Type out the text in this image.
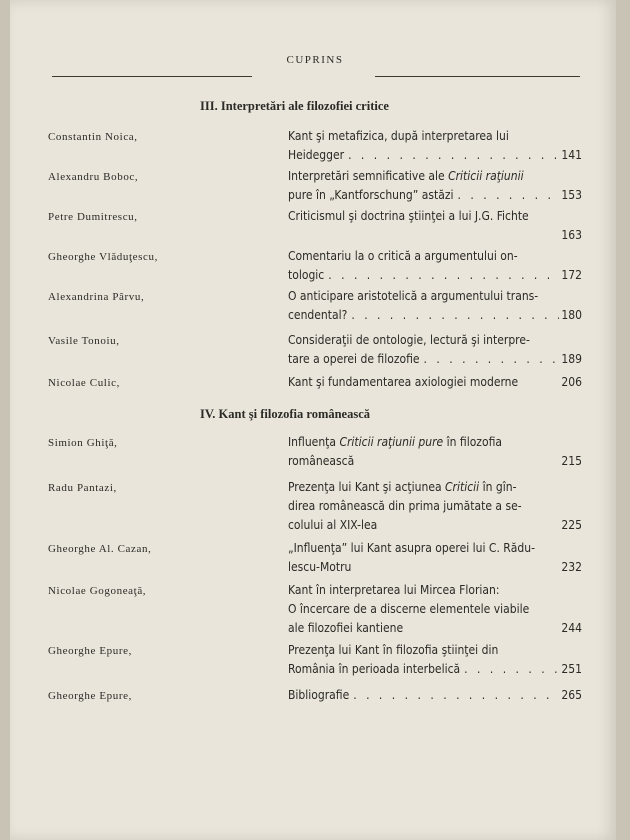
CUPRINS
III. Interpretări ale filozofiei critice
Constantin Noica,	Kant şi metafizica, după interpretarea lui
Heidegger . . .	141
Alexandru Boboc,	Interpretări semnificative ale Criticii raţiunii
pure în „Kantforschung” astăzi . . .	153
Petre Dumitrescu,	Criticismul şi doctrina ştiinţei a lui J.G. Fichte
163
Gheorghe Vlăduţescu,	Comentariu la o critică a argumentului on-
tologic . . .	172
Alexandrina Pârvu,	O anticipare aristotelică a argumentului trans-
cendental? . . .	180
Vasile Tonoiu,	Consideraţii de ontologie, lectură şi interpre-
tare a operei de filozofie . . .	189
Nicolae Culic,	Kant şi fundamentarea axiologiei moderne	206
IV. Kant şi filozofia românească
Simion Ghiţă,	Influenţa Criticii raţiunii pure în filozofia
românească	215
Radu Pantazi,	Prezenţa lui Kant şi acţiunea Criticii în gîn-
direa românească din prima jumătate a se-
colului al XIX-lea	225
Gheorghe Al. Cazan,	„Influenţa” lui Kant asupra operei lui C. Rădu-
lescu-Motru	232
Nicolae Gogoneaţă,	Kant în interpretarea lui Mircea Florian:
O încercare de a discerne elementele viabile
ale filozofiei kantiene	244
Gheorghe Epure,	Prezenţa lui Kant în filozofia ştiinţei din
România în perioada interbelică . . .	251
Gheorghe Epure,	Bibliografie . . .	265
